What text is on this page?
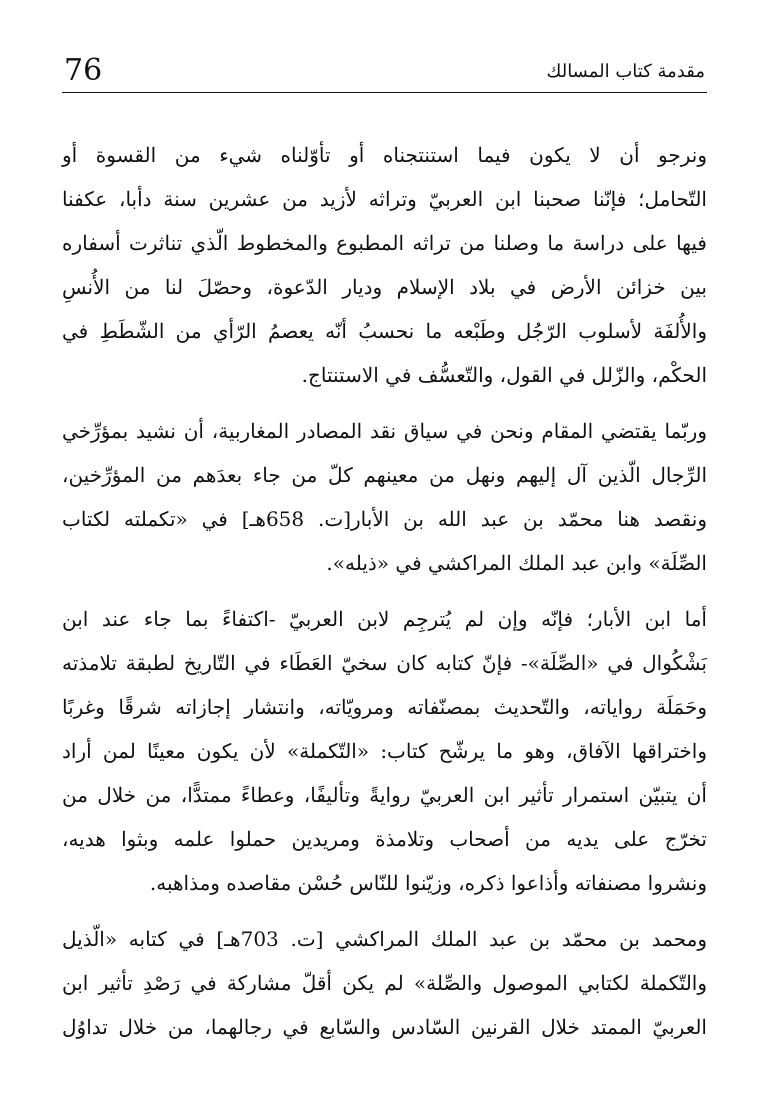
76	مقدمة كتاب المسالك
ونرجو أن لا يكون فيما استنتجناه أو تأوّلناه شيء من القسوة أو
التّحامل؛ فإنّنا صحبنا ابن العربيّ وتراثه لأزيد من عشرين سنة دأبا، عكفنا
فيها على دراسة ما وصلنا من تراثه المطبوع والمخطوط الّذي تناثرت أسفاره
بين خزائن الأرض في بلاد الإسلام وديار الدّعوة، وحصّلَ لنا من الأُنسِ
والأُلفَة لأسلوب الرّجُل وطَبْعه ما نحسبُ أنّه يعصمُ الرّأي من الشّطَطِ في
الحكْم، والزّلل في القول، والتّعسُّف في الاستنتاج.
وربّما يقتضي المقام ونحن في سياق نقد المصادر المغاربية، أن نشيد بمؤرِّخي
الرِّجال الّذين آل إليهم ونهل من معينهم كلّ من جاء بعدَهم من المؤرِّخين،
ونقصد هنا محمّد بن عبد الله بن الأبار[ت. 658هـ] في «تكملته لكتاب
الصِّلَة» وابن عبد الملك المراكشي في «ذيله».
أما ابن الأبار؛ فإنّه وإن لم يُترجِم لابن العربيّ -اكتفاءً بما جاء عند ابن
بَشْكُوال في «الصِّلَة»- فإنّ كتابه كان سخيّ العَطَاء في التّاريخ لطبقة تلامذته
وحَمَلَة رواياته، والتّحديث بمصنّفاته ومرويّاته، وانتشار إجازاته شرقًا وغربًا
واختراقها الآفاق، وهو ما يرشّح كتاب: «التّكملة» لأن يكون معينًا لمن أراد
أن يتبيّن استمرار تأثير ابن العربيّ روايةً وتأليفًا، وعطاءً ممتدًّا، من خلال من
تخرّج على يديه من أصحاب وتلامذة ومريدين حملوا علمه وبثوا هديه،
ونشروا مصنفاته وأذاعوا ذكره، وزيّنوا للنّاس حُسْن مقاصده ومذاهبه.
ومحمد بن محمّد بن عبد الملك المراكشي [ت. 703هـ] في كتابه «الّذيل
والتّكملة لكتابي الموصول والصِّلة» لم يكن أقلّ مشاركة في رَصْدِ تأثير ابن
العربيّ الممتد خلال القرنين السّادس والسّابع في رجالهما، من خلال تداوُل
